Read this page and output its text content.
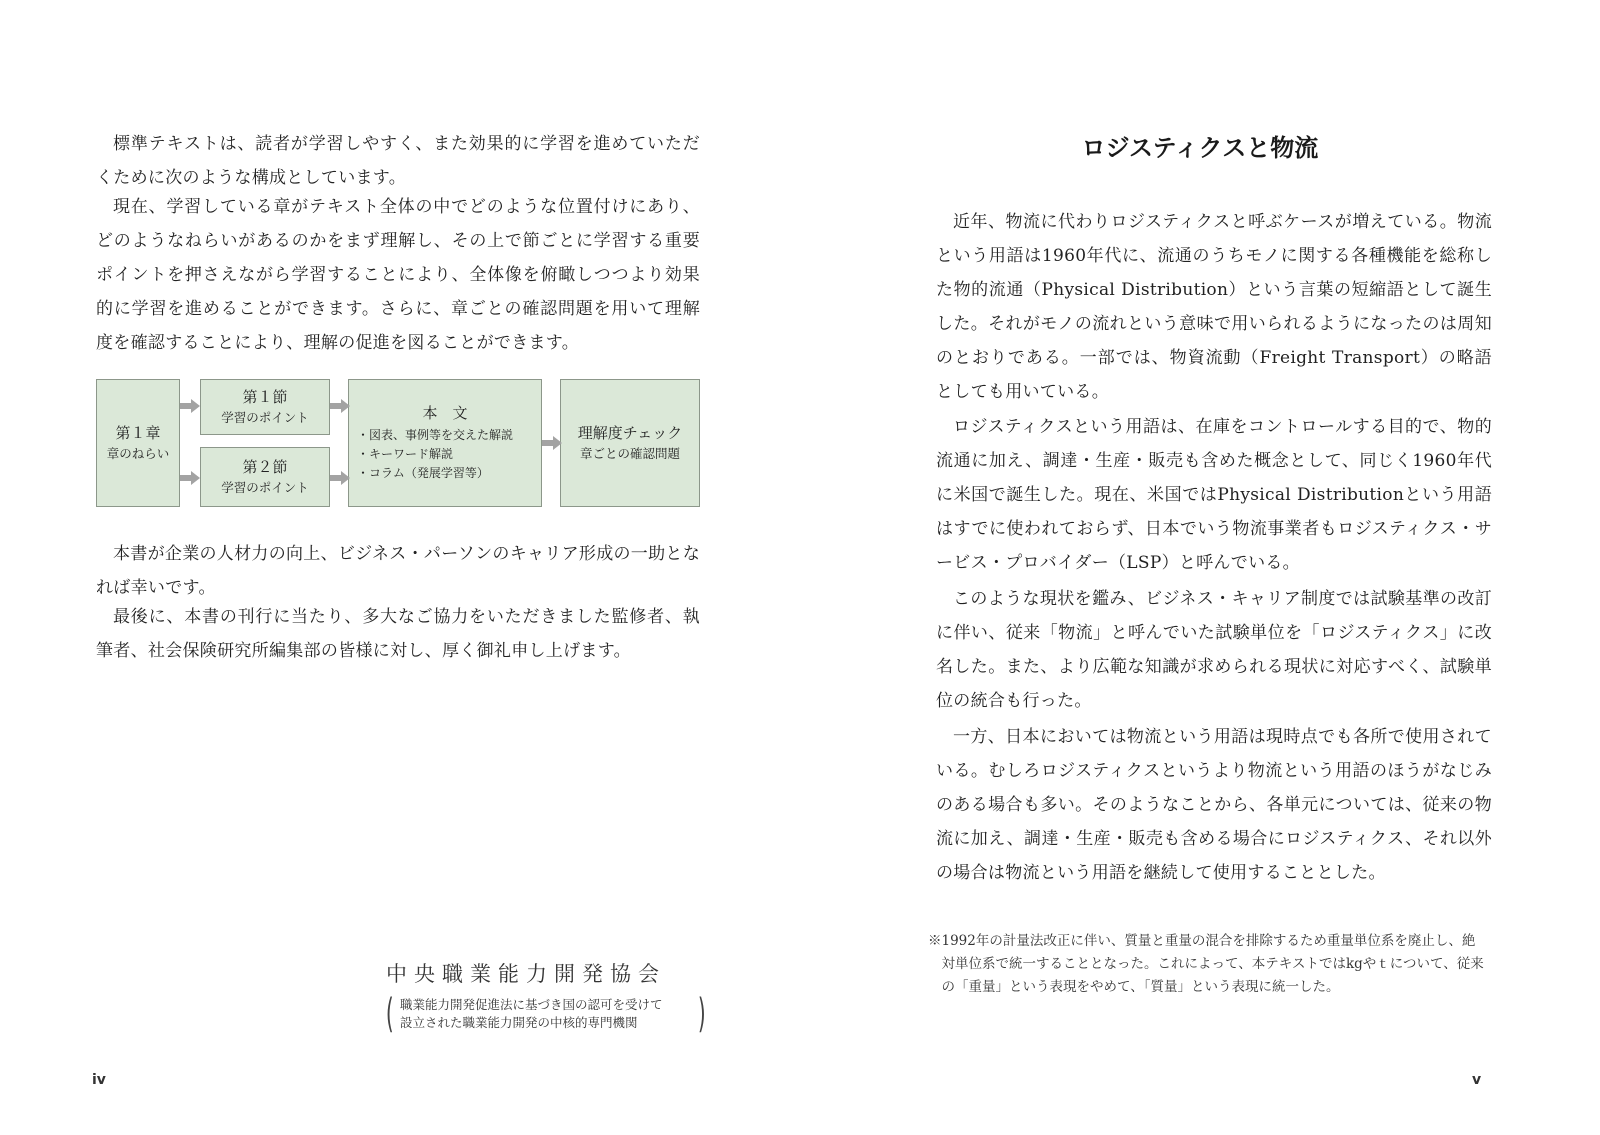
標準テキストは、読者が学習しやすく、また効果的に学習を進めていただくために次のような構成としています。

現在、学習している章がテキスト全体の中でどのような位置付けにあり、どのようなねらいがあるのかをまず理解し、その上で節ごとに学習する重要ポイントを押さえながら学習することにより、全体像を俯瞰しつつより効果的に学習を進めることができます。さらに、章ごとの確認問題を用いて理解度を確認することにより、理解の促進を図ることができます。

第１章
章のねらい
第１節
学習のポイント
第２節
学習のポイント
本　文
・図表、事例等を交えた解説
・キーワード解説
・コラム（発展学習等）
理解度チェック
章ごとの確認問題

本書が企業の人材力の向上、ビジネス・パーソンのキャリア形成の一助となれば幸いです。

最後に、本書の刊行に当たり、多大なご協力をいただきました監修者、執筆者、社会保険研究所編集部の皆様に対し、厚く御礼申し上げます。

中央職業能力開発協会

( 職業能力開発促進法に基づき国の認可を受けて
設立された職業能力開発の中核的専門機関	)
iv
ロジスティクスと物流

近年、物流に代わりロジスティクスと呼ぶケースが増えている。物流という用語は1960年代に、流通のうちモノに関する各種機能を総称した物的流通（Physical Distribution）という言葉の短縮語として誕生した。それがモノの流れという意味で用いられるようになったのは周知のとおりである。一部では、物資流動（Freight Transport）の略語としても用いている。

ロジスティクスという用語は、在庫をコントロールする目的で、物的流通に加え、調達・生産・販売も含めた概念として、同じく1960年代に米国で誕生した。現在、米国ではPhysical Distributionという用語はすでに使われておらず、日本でいう物流事業者もロジスティクス・サービス・プロバイダー（LSP）と呼んでいる。

このような現状を鑑み、ビジネス・キャリア制度では試験基準の改訂に伴い、従来「物流」と呼んでいた試験単位を「ロジスティクス」に改名した。また、より広範な知識が求められる現状に対応すべく、試験単位の統合も行った。

一方、日本においては物流という用語は現時点でも各所で使用されている。むしろロジスティクスというより物流という用語のほうがなじみのある場合も多い。そのようなことから、各単元については、従来の物流に加え、調達・生産・販売も含める場合にロジスティクス、それ以外の場合は物流という用語を継続して使用することとした。

v

※1992年の計量法改正に伴い、質量と重量の混合を排除するため重量単位系を廃止し、絶対単位系で統一することとなった。これによって、本テキストではkgやｔについて、従来の「重量」という表現をやめて、「質量」という表現に統一した。
